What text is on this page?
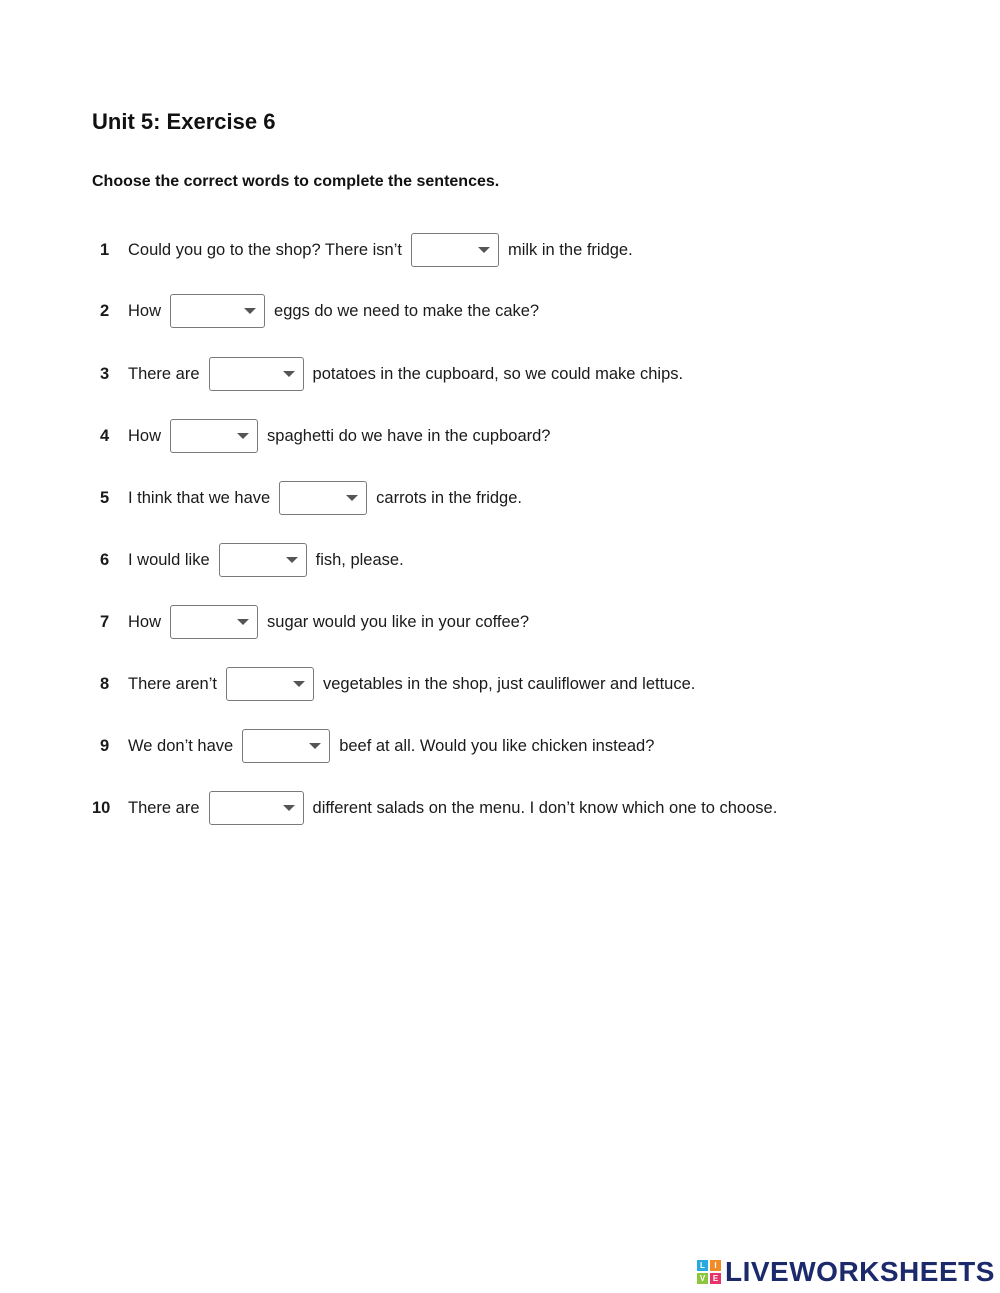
Unit 5: Exercise 6
Choose the correct words to complete the sentences.
1	Could you go to the shop? There isn’t	milk in the fridge.
2	How	eggs do we need to make the cake?
3	There are	potatoes in the cupboard, so we could make chips.
4	How	spaghetti do we have in the cupboard?
5	I think that we have	carrots in the fridge.
6	I would like	fish, please.
7	How	sugar would you like in your coffee?
8	There aren’t	vegetables in the shop, just cauliflower and lettuce.
9	We don’t have	beef at all. Would you like chicken instead?
10	There are	different salads on the menu. I don’t know which one to choose.
L	I
V E LIVEWORKSHEETS
